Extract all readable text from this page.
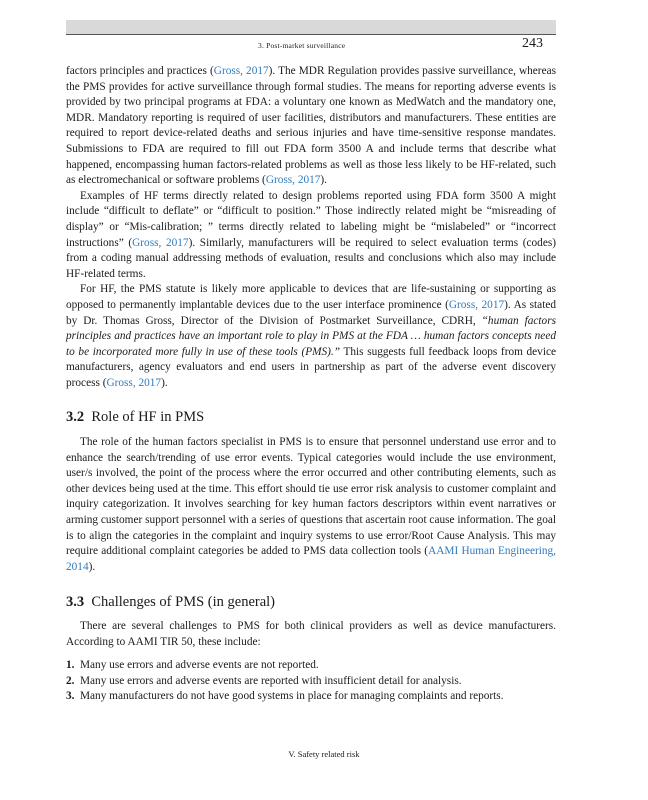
3. Post-market surveillance	243

factors principles and practices (Gross, 2017). The MDR Regulation provides passive surveillance, whereas the PMS provides for active surveillance through formal studies. The means for reporting adverse events is provided by two principal programs at FDA: a voluntary one known as MedWatch and the mandatory one, MDR. Mandatory reporting is required of user facilities, distributors and manufacturers. These entities are required to report device-related deaths and serious injuries and have time-sensitive response mandates. Submissions to FDA are required to fill out FDA form 3500 A and include terms that describe what happened, encompassing human factors-related problems as well as those less likely to be HF-related, such as electromechanical or software problems (Gross, 2017).

Examples of HF terms directly related to design problems reported using FDA form 3500 A might include “difficult to deflate” or “difficult to position.” Those indirectly related might be “misreading of display” or “Mis-calibration; ” terms directly related to labeling might be “mislabeled” or “incorrect instructions” (Gross, 2017). Similarly, manufacturers will be required to select evaluation terms (codes) from a coding manual addressing methods of evaluation, results and conclusions which also may include HF-related terms.

For HF, the PMS statute is likely more applicable to devices that are life-sustaining or supporting as opposed to permanently implantable devices due to the user interface prominence (Gross, 2017). As stated by Dr. Thomas Gross, Director of the Division of Postmarket Surveillance, CDRH, “human factors principles and practices have an important role to play in PMS at the FDA … human factors concepts need to be incorporated more fully in use of these tools (PMS).” This suggests full feedback loops from device manufacturers, agency evaluators and end users in partnership as part of the adverse event discovery process (Gross, 2017).

3.2 Role of HF in PMS

The role of the human factors specialist in PMS is to ensure that personnel understand use error and to enhance the search/trending of use error events. Typical categories would include the use environment, user/s involved, the point of the process where the error occurred and other contributing elements, such as other devices being used at the time. This effort should tie use error risk analysis to customer complaint and inquiry categorization. It involves searching for key human factors descriptors within event narratives or arming customer support personnel with a series of questions that ascertain root cause information. The goal is to align the categories in the complaint and inquiry systems to use error/Root Cause Analysis. This may require additional complaint categories be added to PMS data collection tools (AAMI Human Engineering, 2014).

3.3 Challenges of PMS (in general)

There are several challenges to PMS for both clinical providers as well as device manufacturers. According to AAMI TIR 50, these include:

1. Many use errors and adverse events are not reported.
2. Many use errors and adverse events are reported with insufficient detail for analysis.
3. Many manufacturers do not have good systems in place for managing complaints and reports.
V. Safety related risk
